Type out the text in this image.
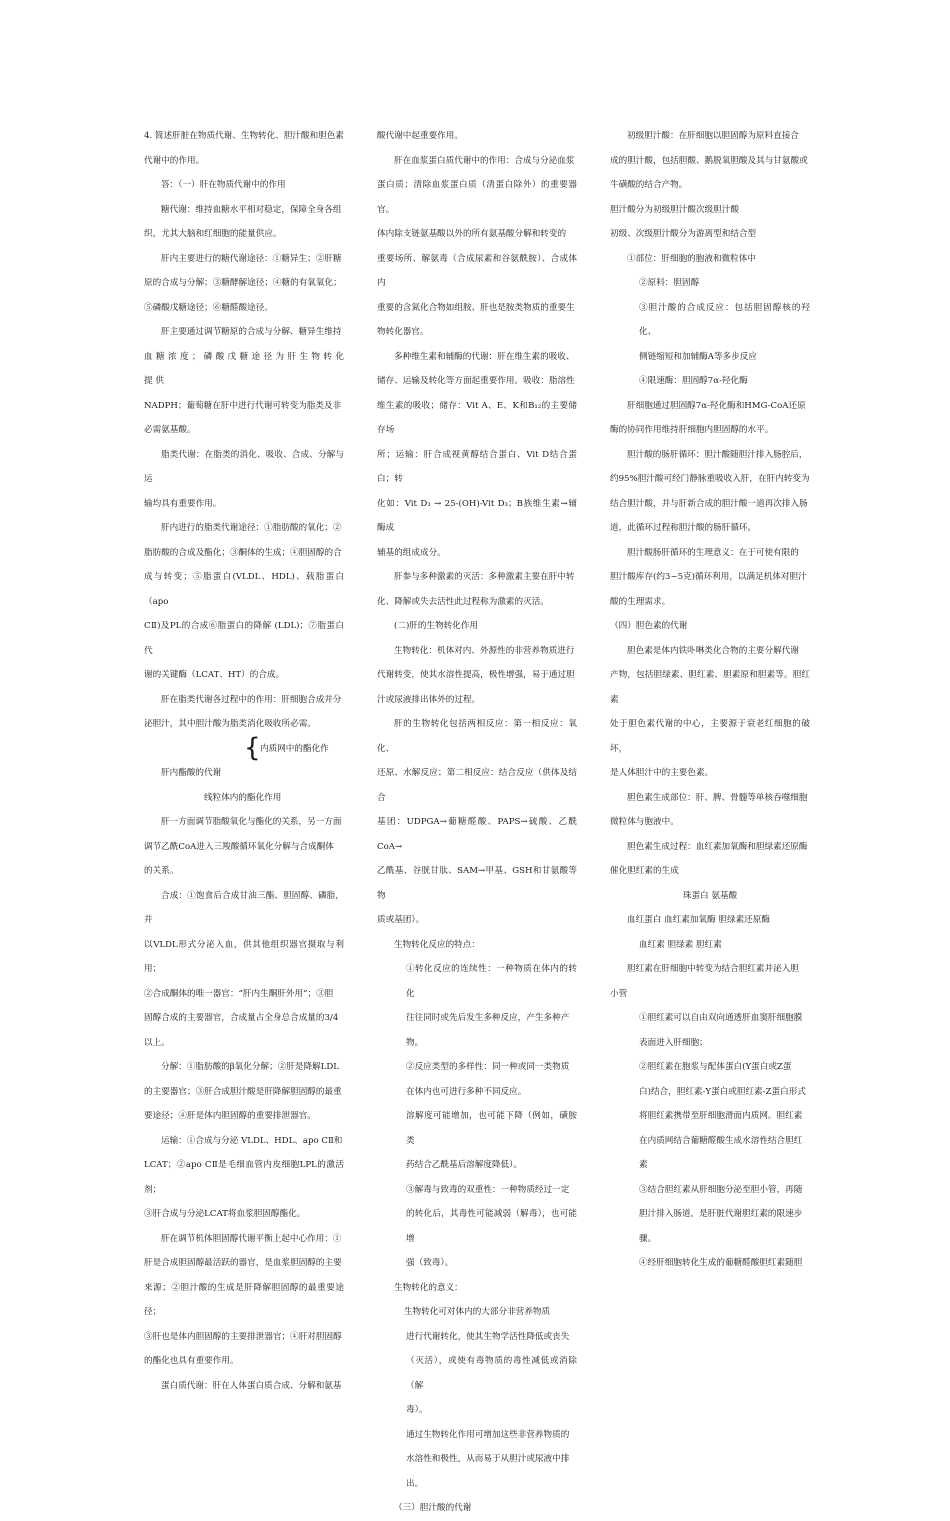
4. 简述肝脏在物质代谢、生物转化、胆汁酸和胆色素

代谢中的作用。

答：（一）肝在物质代谢中的作用

糖代谢：维持血糖水平相对稳定，保障全身各组

织，尤其大脑和红细胞的能量供应。

肝内主要进行的糖代谢途径：①糖异生；②肝糖

原的合成与分解；③糖酵解途径；④糖的有氧氧化；

⑤磷酸戊糖途径；⑥糖醛酸途径。

肝主要通过调节糖原的合成与分解、糖异生维持

血 糖 浓 度 ； 磷 酸 戊 糖 途 径 为 肝 生 物 转 化 提 供

NADPH；葡萄糖在肝中进行代谢可转变为脂类及非

必需氨基酸。

脂类代谢：在脂类的消化、吸收、合成、分解与运

输均具有重要作用。

肝内进行的脂类代谢途径：①脂肪酸的氧化；②

脂肪酸的合成及酯化；③酮体的生成；④胆固醇的合

成与转变；⑤脂蛋白(VLDL、HDL)、载脂蛋白（apo

CⅡ)及PL的合成⑥脂蛋白的降解 (LDL)；⑦脂蛋白代

谢的关键酶（LCAT、HT）的合成。

肝在脂类代谢各过程中的作用：肝细胞合成并分

泌胆汁，其中胆汁酸为脂类消化吸收所必需。

{ 内质网中的酯化作

肝内酯酸的代谢

线粒体内的酯化作用

肝一方面调节脂酸氧化与酯化的关系，另一方面

调节乙酰CoA进入三羧酸循环氧化分解与合成酮体

的关系。

合成：①饱食后合成甘油三酯、胆固醇、磷脂，并

以VLDL形式分泌入血，供其他组织器官摄取与利用；

②合成酮体的唯一器官：“肝内生酮肝外用”；③胆

固醇合成的主要器官，合成量占全身总合成量的3/4

以上。

分解：①脂肪酸的β氧化分解；②肝是降解LDL

的主要器官；③肝合成胆汁酸是肝降解胆固醇的最重

要途径；④肝是体内胆固醇的重要排泄器官。

运输：①合成与分泌 VLDL、HDL、apo CⅡ和

LCAT；②apo CⅡ是毛细血管内皮细胞LPL的激活剂；

③肝合成与分泌LCAT将血浆胆固醇酯化。

肝在调节机体胆固醇代谢平衡上起中心作用：①

肝是合成胆固醇最活跃的器官，是血浆胆固醇的主要

来源；②胆汁酸的生成是肝降解胆固醇的最重要途径；

③肝也是体内胆固醇的主要排泄器官；④肝对胆固醇

的酯化也具有重要作用。

蛋白质代谢：肝在人体蛋白质合成、分解和氨基

酸代谢中起重要作用。

肝在血浆蛋白质代谢中的作用：合成与分泌血浆

蛋白质；清除血浆蛋白质（清蛋白除外）的重要器官。

体内除支链氨基酸以外的所有氨基酸分解和转变的

重要场所、解氨毒（合成尿素和谷氨酰胺）、合成体内

重要的含氮化合物如组胺、肝也是胺类物质的重要生

物转化器官。

多种维生素和辅酶的代谢：肝在维生素的吸收、

储存、运输及转化等方面起重要作用。吸收：脂溶性

维生素的吸收；储存：Vit A、E、K和B₁₂的主要储存场

所；运输：肝合成视黄醇结合蛋白、Vit D结合蛋白；转

化如：Vit D₃ → 25-(OH)-Vit D₃；B族维生素→辅酶成

辅基的组成成分。

肝参与多种激素的灭活：多种激素主要在肝中转

化、降解或失去活性此过程称为激素的灭活。

(二)肝的生物转化作用

生物转化：机体对内、外源性的非营养物质进行

代谢转变，使其水溶性提高，极性增强，易于通过胆

汁或尿液排出体外的过程。

肝的生物转化包括两相反应：第一相反应：氧化、

还原、水解反应；第二相反应：结合反应（供体及结合

基团：UDPGA→葡糖醛酸、PAPS→硫酸、乙酰CoA→

乙酰基、谷胱甘肽、SAM→甲基、GSH和甘氨酸等物

质或基团）。

生物转化反应的特点：

①转化反应的连续性：一种物质在体内的转化

往往同时或先后发生多种反应，产生多种产

物。

②反应类型的多样性：同一种或同一类物质

在体内也可进行多种不同反应。

溶解度可能增加，也可能下降（例如，磺胺类

药结合乙酰基后溶解度降低）。

③解毒与致毒的双重性：一种物质经过一定

的转化后，其毒性可能减弱（解毒），也可能增

强（致毒）。

生物转化的意义：

生物转化可对体内的大部分非营养物质

进行代谢转化，使其生物学活性降低或丧失

（灭活），或使有毒物质的毒性减低或消除（解

毒）。

通过生物转化作用可增加这些非营养物质的

水溶性和极性，从而易于从胆汁或尿液中排

出。

（三）胆汁酸的代谢

初级胆汁酸：在肝细胞以胆固醇为原料直接合

成的胆汁酸，包括胆酸、鹅脱氧胆酸及其与甘氨酸或

牛磺酸的结合产物。

胆汁酸分为初级胆汁酸次级胆汁酸

初级、次级胆汁酸分为游离型和结合型

①部位：肝细胞的胞液和微粒体中

②原料：胆固醇

③胆汁酸的合成反应：包括胆固醇核的羟化、

侧链缩短和加辅酶A等多步反应

④限速酶：胆固醇7α-羟化酶

肝细胞通过胆固醇7α-羟化酶和HMG-CoA还原

酶的协同作用维持肝细胞内胆固醇的水平。

胆汁酸的肠肝循环：胆汁酸随胆汁排入肠腔后，

约95%胆汁酸可经门静脉重吸收入肝，在肝内转变为

结合胆汁酸，并与肝新合成的胆汁酸一道再次排入肠

道，此循环过程称胆汁酸的肠肝循环。

胆汁酸肠肝循环的生理意义：在于可使有限的

胆汁酸库存(约3~5克)循环利用，以满足机体对胆汁

酸的生理需求。

（四）胆色素的代谢

胆色素是体内铁卟啉类化合物的主要分解代谢

产物，包括胆绿素、胆红素、胆素原和胆素等。胆红素

处于胆色素代谢的中心，主要源于衰老红细胞的破坏，

是人体胆汁中的主要色素。

胆色素生成部位：肝、脾、骨髓等单核吞噬细胞

微粒体与胞液中。

胆色素生成过程：血红素加氧酶和胆绿素还原酶

催化胆红素的生成

珠蛋白 氨基酸

血红蛋白 血红素加氧酶 胆绿素还原酶

血红素 胆绿素 胆红素

胆红素在肝细胞中转变为结合胆红素并泌入胆

小管

①胆红素可以自由双向通透肝血窦肝细胞膜

表面进入肝细胞；

②胆红素在胞浆与配体蛋白(Y蛋白或Z蛋

白)结合，胆红素-Y蛋白或胆红素-Z蛋白形式

将胆红素携带至肝细胞滑面内质网。胆红素

在内质网结合葡糖醛酸生成水溶性结合胆红

素

③结合胆红素从肝细胞分泌至胆小管，再随

胆汁排入肠道，是肝脏代谢胆红素的限速步

骤。

④经肝细胞转化生成的葡糖醛酸胆红素随胆
